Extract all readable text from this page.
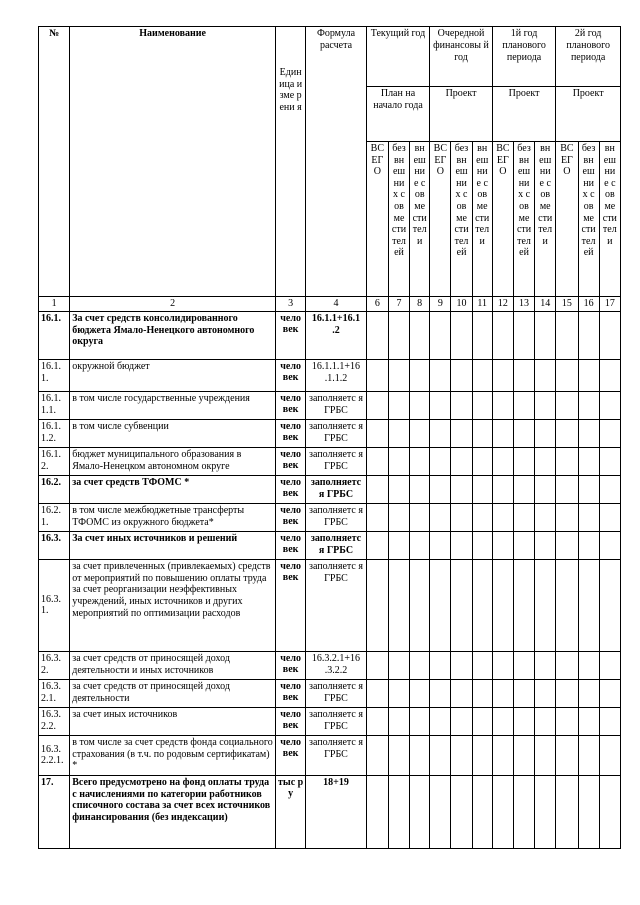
№	Наименование	Един ица изме рени я	Формула расчета	Текущий год			Очередной финансовы й год			1й год планового периода			2й год планового периода		
				План на начало года			Проект			Проект			Проект		
				ВС ЕГ О	без вн еш ни х сов ме сти тел ей	вн еш ни е сов ме сти тел и	ВС ЕГ О	без вн еш ни х сов ме сти тел ей	вн еш ни е сов ме сти тел и	ВС ЕГ О	без вн еш ни х сов ме сти тел ей	вн еш ни е сов ме сти тел и	ВС ЕГ О	без вн еш ни х сов ме сти тел ей	вн еш ни е сов ме сти тел и
1	2	3	4	6	7	8	9	10	11	12	13	14	15	16	17
16.1.	За счет средств консолидированного бюджета Ямало-Ненецкого автономного округа	чело век	16.1.1+16.1 .2												
16.1. 1.	окружной бюджет	чело век	16.1.1.1+16 .1.1.2												
16.1. 1.1.	в том числе государственные учреждения	чело век	заполняетс я ГРБС												
16.1. 1.2.	в том числе субвенции	чело век	заполняетс я ГРБС												
16.1. 2.	бюджет муниципального образования в Ямало-Ненецком автономном округе	чело век	заполняетс я ГРБС												
16.2.	за счет средств ТФОМС *	чело век	заполняетс я ГРБС												
16.2. 1.	в том числе межбюджетные трансферты ТФОМС из окружного бюджета*	чело век	заполняетс я ГРБС												
16.3.	За счет иных источников и решений	чело век	заполняетс я ГРБС												
16.3. 1.	за счет привлеченных (привлекаемых) средств от мероприятий по повышению оплаты труда за счет реорганизации неэффективных учреждений, иных источников и других мероприятий по оптимизации расходов	чело век	заполняетс я ГРБС												
16.3. 2.	за счет средств от приносящей доход деятельности и иных источников	чело век	16.3.2.1+16 .3.2.2												
16.3. 2.1.	за счет средств от приносящей доход деятельности	чело век	заполняетс я ГРБС												
16.3. 2.2.	за счет иных источников	чело век	заполняетс я ГРБС												
16.3. 2.2.1.	в том числе за счет средств фонда социального страхования (в т.ч. по родовым сертификатам) *	чело век	заполняетс я ГРБС												
17.	Всего предусмотрено на фонд оплаты труда с начислениями по категории работников списочного состава за счет всех источников финансирования (без индексации)	тыс ру	18+19												
